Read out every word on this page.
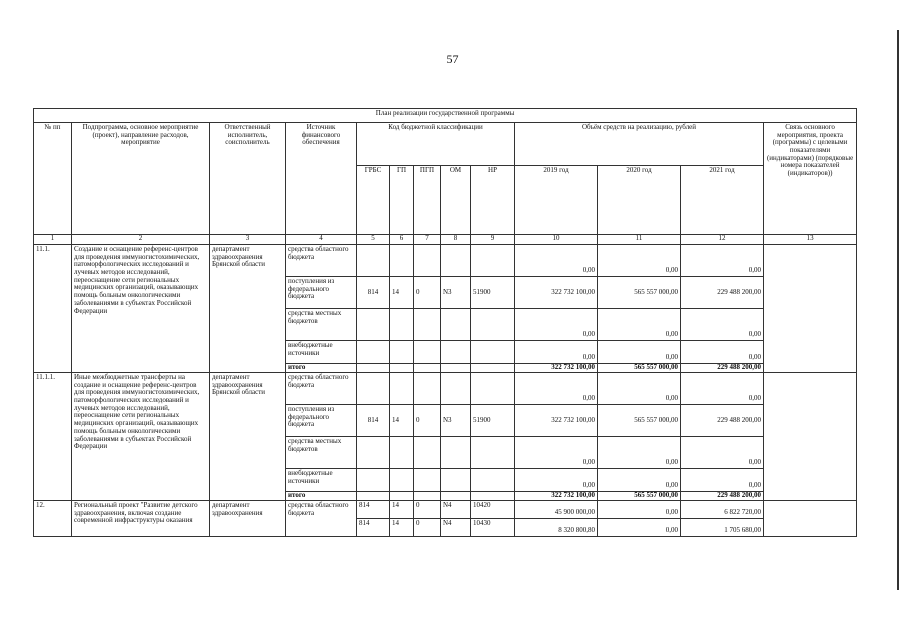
57
План реализации государственной программы												
№ пп	Подпрограмма, основное мероприятие (проект), направление расходов, мероприятие	Ответственный исполнитель, соисполнитель	Источник финансового обеспечения	Код бюджетной классификации					Объём средств на реализацию, рублей			Связь основного мероприятия, проекта (программы) с целевыми показателями (индикаторами) (порядковые номера показателей (индикаторов))
				ГРБС	ГП	ПГП	ОМ	НР	2019 год	2020 год	2021 год	
1	2	3	4	5	6	7	8	9	10	11	12	13
11.1.	Создание и оснащение референс-центров для проведения иммуногистохимических, патоморфологических исследований и лучевых методов исследований, переоснащение сети региональных медицинских организаций, оказывающих помощь больным онкологическими заболеваниями в субъектах Российской Федерации	департамент здравоохранения Брянской области	средства областного бюджета						0,00	0,00	0,00	
			поступления из федерального бюджета	814	14	0	N3	51900	322 732 100,00	565 557 000,00	229 488 200,00	
			средства местных бюджетов						0,00	0,00	0,00	
			внебюджетные источники						0,00	0,00	0,00	
			итого						322 732 100,00	565 557 000,00	229 488 200,00	
11.1.1.	Иные межбюджетные трансферты на создание и оснащение референс-центров для проведения иммуногистохимических, патоморфологических исследований и лучевых методов исследований, переоснащение сети региональных медицинских организаций, оказывающих помощь больным онкологическими заболеваниями в субъектах Российской Федерации	департамент здравоохранения Брянской области	средства областного бюджета						0,00	0,00	0,00	
			поступления из федерального бюджета	814	14	0	N3	51900	322 732 100,00	565 557 000,00	229 488 200,00	
			средства местных бюджетов						0,00	0,00	0,00	
			внебюджетные источники						0,00	0,00	0,00	
			итого						322 732 100,00	565 557 000,00	229 488 200,00	
12.	Региональный проект "Развитие детского здравоохранения, включая создание современной инфраструктуры оказания	департамент здравоохранения	средства областного бюджета	814	14	0	N4	10420	45 900 000,00	0,00	6 822 720,00	
				814	14	0	N4	10430	8 320 800,80	0,00	1 705 680,00	
